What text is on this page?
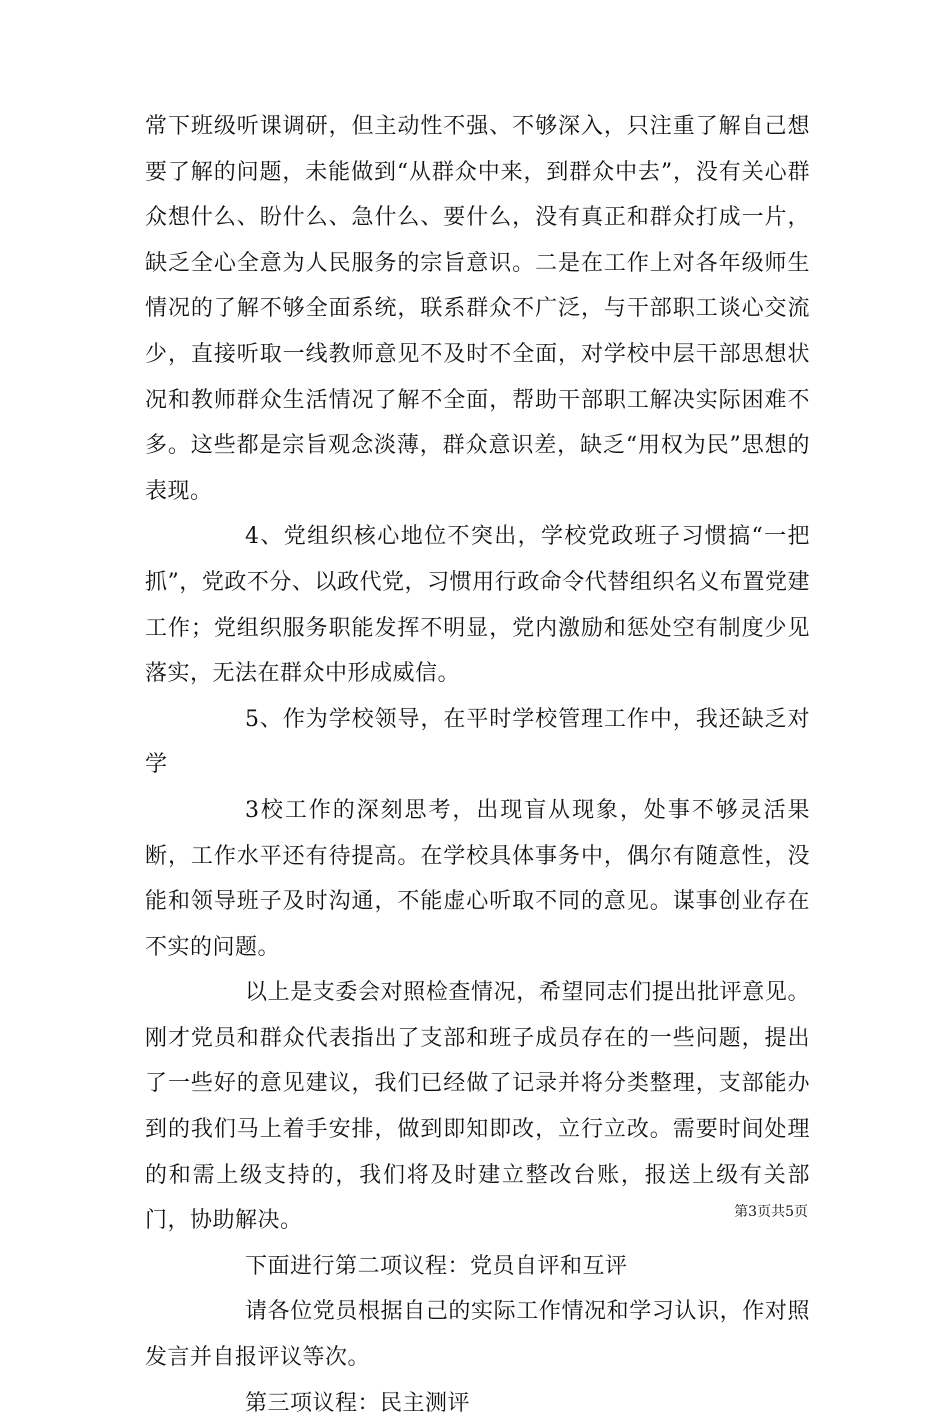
常下班级听课调研，但主动性不强、不够深入，只注重了解自己想要了解的问题，未能做到“从群众中来，到群众中去”，没有关心群众想什么、盼什么、急什么、要什么，没有真正和群众打成一片，缺乏全心全意为人民服务的宗旨意识。二是在工作上对各年级师生情况的了解不够全面系统，联系群众不广泛，与干部职工谈心交流少，直接听取一线教师意见不及时不全面，对学校中层干部思想状况和教师群众生活情况了解不全面，帮助干部职工解决实际困难不多。这些都是宗旨观念淡薄，群众意识差，缺乏“用权为民”思想的表现。

4、党组织核心地位不突出，学校党政班子习惯搞“一把抓”，党政不分、以政代党，习惯用行政命令代替组织名义布置党建工作；党组织服务职能发挥不明显，党内激励和惩处空有制度少见落实，无法在群众中形成威信。

5、作为学校领导，在平时学校管理工作中，我还缺乏对学

3校工作的深刻思考，出现盲从现象，处事不够灵活果断，工作水平还有待提高。在学校具体事务中，偶尔有随意性，没能和领导班子及时沟通，不能虚心听取不同的意见。谋事创业存在不实的问题。

以上是支委会对照检查情况，希望同志们提出批评意见。刚才党员和群众代表指出了支部和班子成员存在的一些问题，提出了一些好的意见建议，我们已经做了记录并将分类整理，支部能办到的我们马上着手安排，做到即知即改，立行立改。需要时间处理的和需上级支持的，我们将及时建立整改台账，报送上级有关部门，协助解决。

下面进行第二项议程：党员自评和互评

请各位党员根据自己的实际工作情况和学习认识，作对照发言并自报评议等次。

第三项议程：民主测评

第3页共5页
